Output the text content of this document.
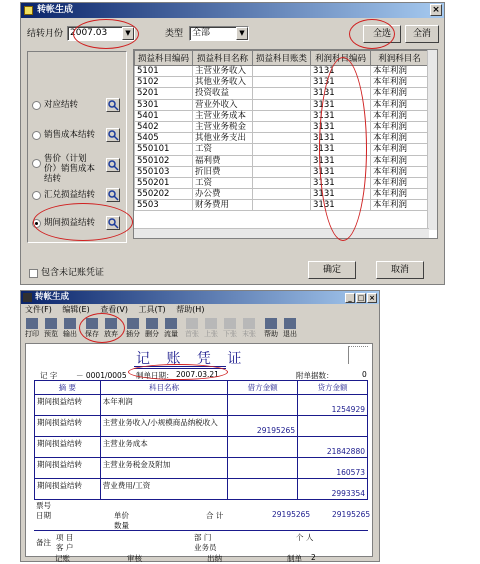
转帐生成	×
结转月份 2007.03	▼	类型 全部	▼	全选	全消
对应结转
销售成本结转
售价（计划价）销售成本结转
汇兑损益结转
期间损益结转
损益科目编码	损益科目名称	损益科目账类	利润科目编码	利润科目名
5101	主营业务收入		3131	本年利润
5102	其他业务收入		3131	本年利润
5201	投资收益		3131	本年利润
5301	营业外收入		3131	本年利润
5401	主营业务成本		3131	本年利润
5402	主营业务税金		3131	本年利润
5405	其他业务支出		3131	本年利润
550101	工资		3131	本年利润
550102	福利费		3131	本年利润
550103	折旧费		3131	本年利润
550201	工资		3131	本年利润
550202	办公费		3131	本年利润
5503	财务费用		3131	本年利润
包含未记账凭证	确定	取消
转帐生成	_ □ ×
文件(F) 编辑(E) 查看(V) 工具(T) 帮助(H)
打印 预览 输出 保存 放弃 插分 删分 流量 首张 上张 下张 末张 帮助 退出
记 账 凭 证
记 字 － 0001/0005 制单日期： 2007.03.21	附单据数：	0
摘 要	科目名称	借方金额	贷方金额
期间损益结转	本年利润		1254929
期间损益结转	主营业务收入/小规模商品纳税收入	29195265	
期间损益结转	主营业务成本		21842880
期间损益结转	主营业务税金及附加		160573
期间损益结转	营业费用/工资		2993354
票号
日期	单价
数量
合 计	29195265	29195265
备注
项 目
客 户
部 门
业务员
个 人
记账	审核	出纳	制单 2
